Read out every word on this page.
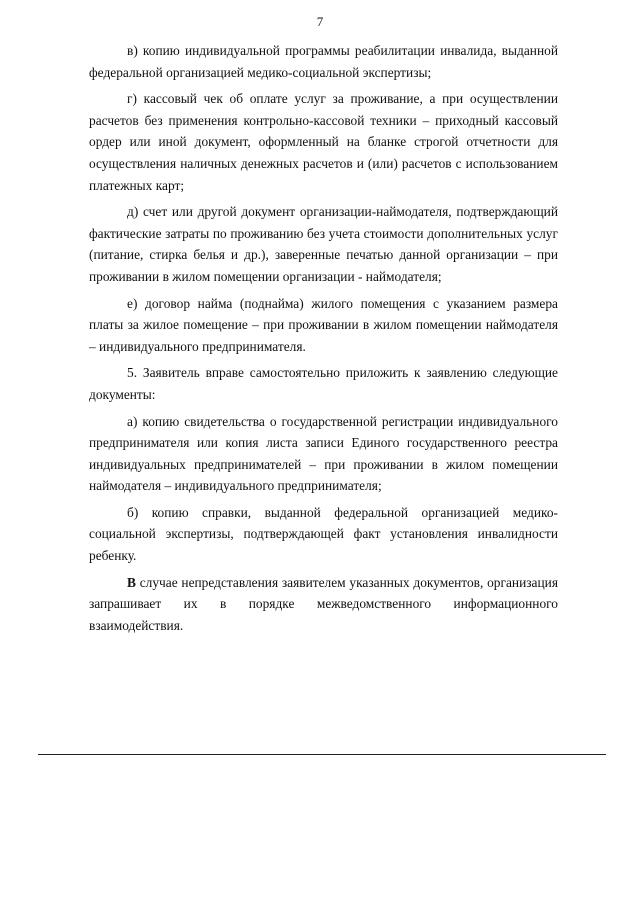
7

в) копию индивидуальной программы реабилитации инвалида, выданной федеральной организацией медико-социальной экспертизы;

г) кассовый чек об оплате услуг за проживание, а при осуществлении расчетов без применения контрольно-кассовой техники – приходный кассовый ордер или иной документ, оформленный на бланке строгой отчетности для осуществления наличных денежных расчетов и (или) расчетов с использованием платежных карт;

д) счет или другой документ организации-наймодателя, подтверждающий фактические затраты по проживанию без учета стоимости дополнительных услуг (питание, стирка белья и др.), заверенные печатью данной организации – при проживании в жилом помещении организации - наймодателя;

е) договор найма (поднайма) жилого помещения с указанием размера платы за жилое помещение – при проживании в жилом помещении наймодателя – индивидуального предпринимателя.

5. Заявитель вправе самостоятельно приложить к заявлению следующие документы:

а) копию свидетельства о государственной регистрации индивидуального предпринимателя или копия листа записи Единого государственного реестра индивидуальных предпринимателей – при проживании в жилом помещении наймодателя – индивидуального предпринимателя;

б) копию справки, выданной федеральной организацией медико-социальной экспертизы, подтверждающей факт установления инвалидности ребенку.

В случае непредставления заявителем указанных документов, организация запрашивает их в порядке межведомственного информационного взаимодействия.
